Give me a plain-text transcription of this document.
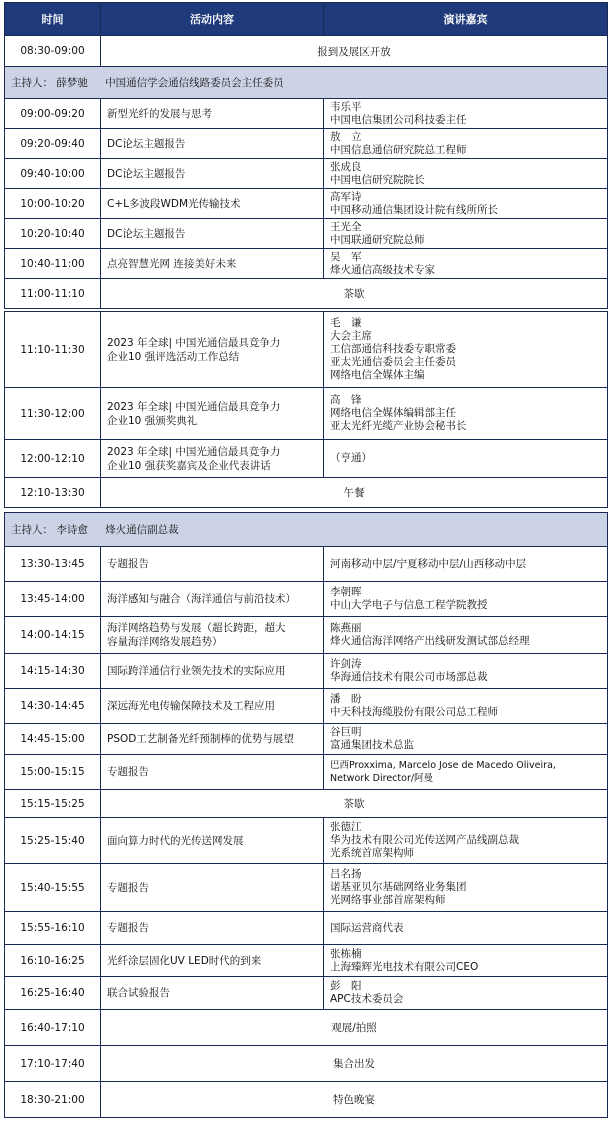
时间	活动内容	演讲嘉宾
08:30-09:00	报到及展区开放	
主持人： 薛梦驰 中国通信学会通信线路委员会主任委员		
09:00-09:20	新型光纤的发展与思考	韦乐平
中国电信集团公司科技委主任

09:20-09:40	DC论坛主题报告	敖　立
中国信息通信研究院总工程师

09:40-10:00	DC论坛主题报告	张成良
中国电信研究院院长

10:00-10:20	C+L多波段WDM光传输技术	高军诗
中国移动通信集团设计院有线所所长

10:20-10:40	DC论坛主题报告	王光全
中国联通研究院总师

10:40-11:00	点亮智慧光网 连接美好未来	吴　军
烽火通信高级技术专家

11:00-11:10	茶歇	
11:10-11:30	2023 年全球| 中国光通信最具竞争力
企业10 强评选活动工作总结	毛　谦
大会主席
工信部通信科技委专职常委
亚太光通信委员会主任委员
网络电信全媒体主编

11:30-12:00	2023 年全球| 中国光通信最具竞争力
企业10 强颁奖典礼	高　锋
网络电信全媒体编辑部主任
亚太光纤光缆产业协会秘书长

12:00-12:10	2023 年全球| 中国光通信最具竞争力
企业10 强获奖嘉宾及企业代表讲话	（亨通）

12:10-13:30	午餐	
主持人： 李诗愈 烽火通信副总裁		
13:30-13:45	专题报告	河南移动中层/宁夏移动中层/山西移动中层

13:45-14:00	海洋感知与融合（海洋通信与前沿技术）	李朝晖
中山大学电子与信息工程学院教授

14:00-14:15	海洋网络趋势与发展（超长跨距，超大
容量海洋网络发展趋势）	陈燕丽
烽火通信海洋网络产出线研发测试部总经理

14:15-14:30	国际跨洋通信行业领先技术的实际应用	许剑涛
华海通信技术有限公司市场部总裁

14:30-14:45	深远海光电传输保障技术及工程应用	潘　盼
中天科技海缆股份有限公司总工程师

14:45-15:00	PSOD工艺制备光纤预制棒的优势与展望	谷巨明
富通集团技术总监

15:00-15:15	专题报告	巴西Proxxima, Marcelo Jose de Macedo Oliveira,
Network Director/阿曼

15:15-15:25	茶歇	
15:25-15:40	面向算力时代的光传送网发展	张德江
华为技术有限公司光传送网产品线副总裁
光系统首席架构师

15:40-15:55	专题报告	吕名扬
诺基亚贝尔基础网络业务集团
光网络事业部首席架构师

15:55-16:10	专题报告	国际运营商代表

16:10-16:25	光纤涂层固化UV LED时代的到来	张栋楠
上海臻辉光电技术有限公司CEO

16:25-16:40	联合试验报告	彭　阳
APC技术委员会

16:40-17:10	观展/拍照	
17:10-17:40	集合出发	
18:30-21:00	特色晚宴	
